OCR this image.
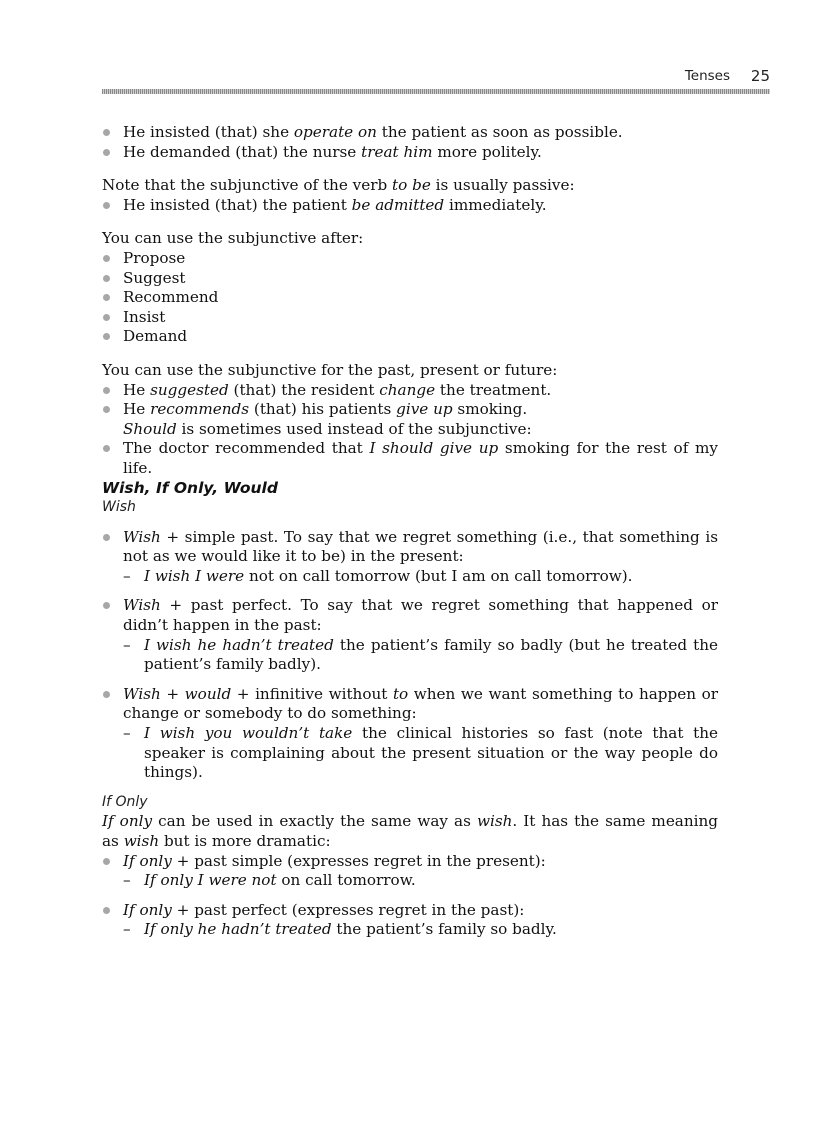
Tenses 25

He insisted (that) she operate on the patient as soon as possible.

He demanded (that) the nurse treat him more politely.

Note that the subjunctive of the verb to be is usually passive:

He insisted (that) the patient be admitted immediately.

You can use the subjunctive after:

Propose

Suggest

Recommend

Insist

Demand

You can use the subjunctive for the past, present or future:

He suggested (that) the resident change the treatment.

He recommends (that) his patients give up smoking.

Should is sometimes used instead of the subjunctive:

The doctor recommended that I should give up smoking for the rest of my life.

Wish, If Only, Would

Wish

Wish + simple past. To say that we regret something (i.e., that something is not as we would like it to be) in the present:

– I wish I were not on call tomorrow (but I am on call tomorrow).

Wish + past perfect. To say that we regret something that happened or didn’t happen in the past:

– I wish he hadn’t treated the patient’s family so badly (but he treated the patient’s family badly).

Wish + would + infinitive without to when we want something to happen or change or somebody to do something:

– I wish you wouldn’t take the clinical histories so fast (note that the speaker is complaining about the present situation or the way people do things).

If Only

If only can be used in exactly the same way as wish. It has the same meaning as wish but is more dramatic:

If only + past simple (expresses regret in the present):

– If only I were not on call tomorrow.

If only + past perfect (expresses regret in the past):

– If only he hadn’t treated the patient’s family so badly.
